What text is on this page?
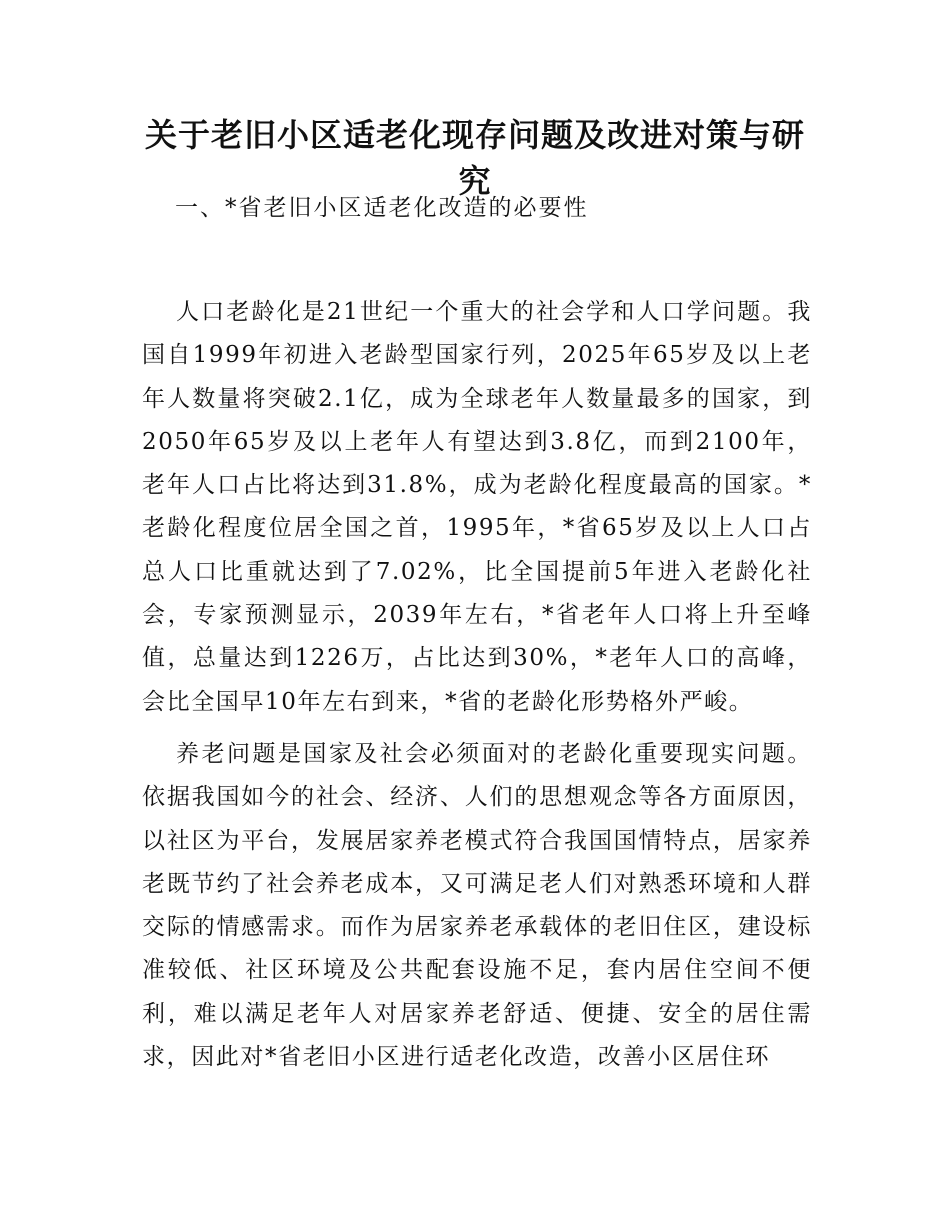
关于老旧小区适老化现存问题及改进对策与研究
一、*省老旧小区适老化改造的必要性

人口老龄化是21世纪一个重大的社会学和人口学问题。我国自1999年初进入老龄型国家行列，2025年65岁及以上老年人数量将突破2.1亿，成为全球老年人数量最多的国家，到2050年65岁及以上老年人有望达到3.8亿，而到2100年，老年人口占比将达到31.8%，成为老龄化程度最高的国家。*老龄化程度位居全国之首，1995年，*省65岁及以上人口占总人口比重就达到了7.02%，比全国提前5年进入老龄化社会，专家预测显示，2039年左右，*省老年人口将上升至峰值，总量达到1226万，占比达到30%，*老年人口的高峰，会比全国早10年左右到来，*省的老龄化形势格外严峻。

养老问题是国家及社会必须面对的老龄化重要现实问题。依据我国如今的社会、经济、人们的思想观念等各方面原因，以社区为平台，发展居家养老模式符合我国国情特点，居家养老既节约了社会养老成本，又可满足老人们对熟悉环境和人群交际的情感需求。而作为居家养老承载体的老旧住区，建设标准较低、社区环境及公共配套设施不足，套内居住空间不便利，难以满足老年人对居家养老舒适、便捷、安全的居住需求，因此对*省老旧小区进行适老化改造，改善小区居住环
